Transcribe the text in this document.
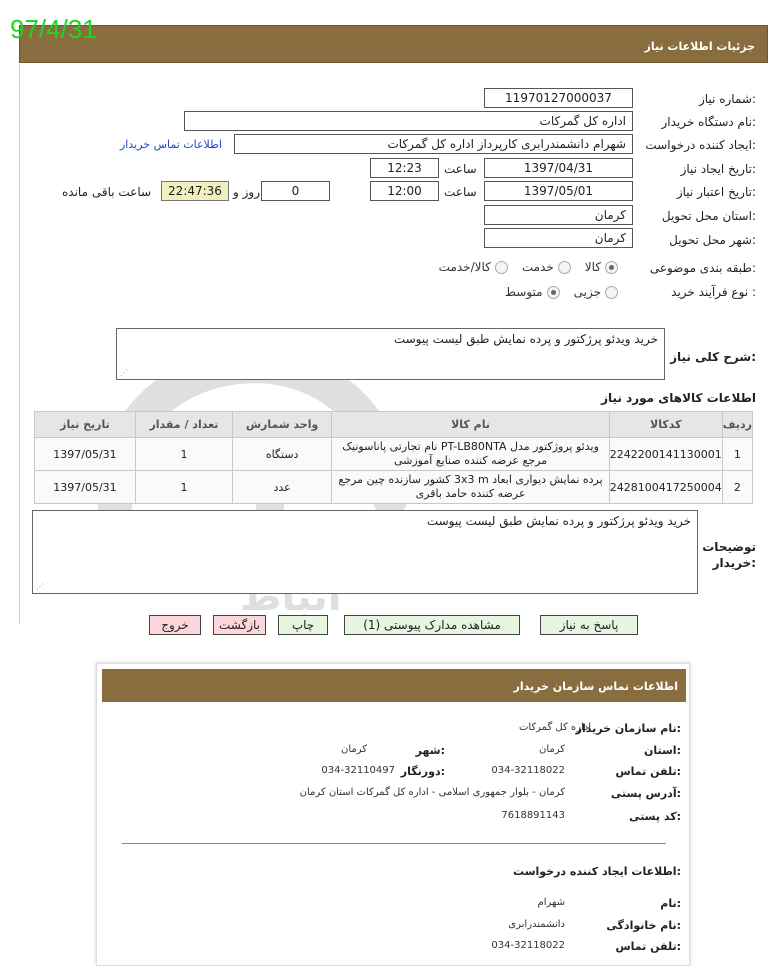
97/4/31
جزئیات اطلاعات نیاز
اتباط
شماره نیاز:
11970127000037
نام دستگاه خریدار:
اداره کل گمرکات
ایجاد کننده درخواست:
شهرام دانشمندرابری کارپرداز اداره کل گمرکات
اطلاعات تماس خریدار
تاریخ ایجاد نیاز:
1397/04/31
ساعت
12:23
تاریخ اعتبار نیاز:
1397/05/01
ساعت
12:00
0
روز و
22:47:36
ساعت باقی مانده
استان محل تحویل:
کرمان
شهر محل تحویل:
کرمان
طبقه بندی موضوعی:
کالا
خدمت
کالا/خدمت
نوع فرآیند خرید :
جزیی
متوسط
شرح کلی نیاز:
خرید ویدئو پرژکتور و پرده نمایش طبق لیست پیوست
⋰
اطلاعات کالاهای مورد نیاز
ردیف	کدکالا	نام کالا	واحد شمارش	تعداد / مقدار	تاریخ نیاز
1	2242200141130001	ویدئو پروژکتور مدل PT-LB80NTA نام تجارتی پاناسونیک
مرجع عرضه کننده صنایع آموزشی	دستگاه	1	1397/05/31
2	2428100417250004	پرده نمایش دیواری ابعاد 3x3 m کشور سازنده چین مرجع
عرضه کننده حامد باقری	عدد	1	1397/05/31
توضیحات
خریدار:
خرید ویدئو پرژکتور و پرده نمایش طبق لیست پیوست
⋰
پاسخ به نیاز
مشاهده مدارک پیوستی (1)
چاپ
بازگشت
خروج
اطلاعات تماس سازمان خریدار
نام سازمان خریدار:
اداره کل گمرکات
استان:
کرمان
شهر:
کرمان
تلفن تماس:
034-32118022
دورنگار:
034-32110497
آدرس پستی:
کرمان - بلوار جمهوری اسلامی - اداره کل گمرکات استان کرمان
کد پستی:
7618891143
اطلاعات ایجاد کننده درخواست:
نام:
شهرام
نام خانوادگی:
دانشمندرابری
تلفن تماس:
034-32118022
